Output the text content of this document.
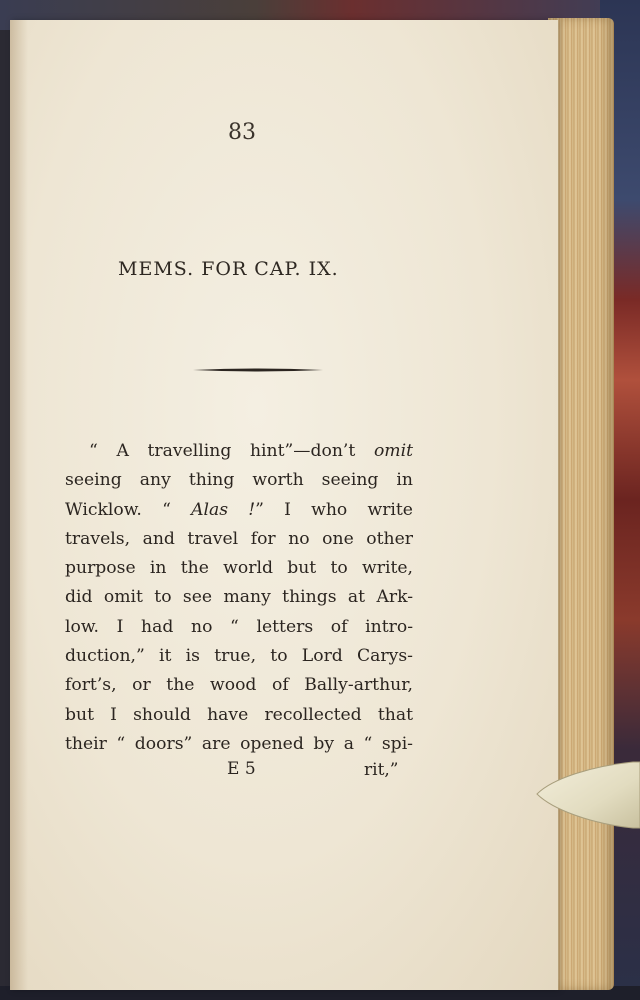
83
MEMS. FOR CAP. IX.
“ A travelling hint”—don’t omit
seeing any thing worth seeing in
Wicklow. “ Alas !” I who write
travels, and travel for no one other
purpose in the world but to write,
did omit to see many things at Ark-
low. I had no “ letters of intro-
duction,” it is true, to Lord Carys-
fort’s, or the wood of Bally-arthur,
but I should have recollected that
their “ doors” are opened by a “ spi-
E 5	rit,”
